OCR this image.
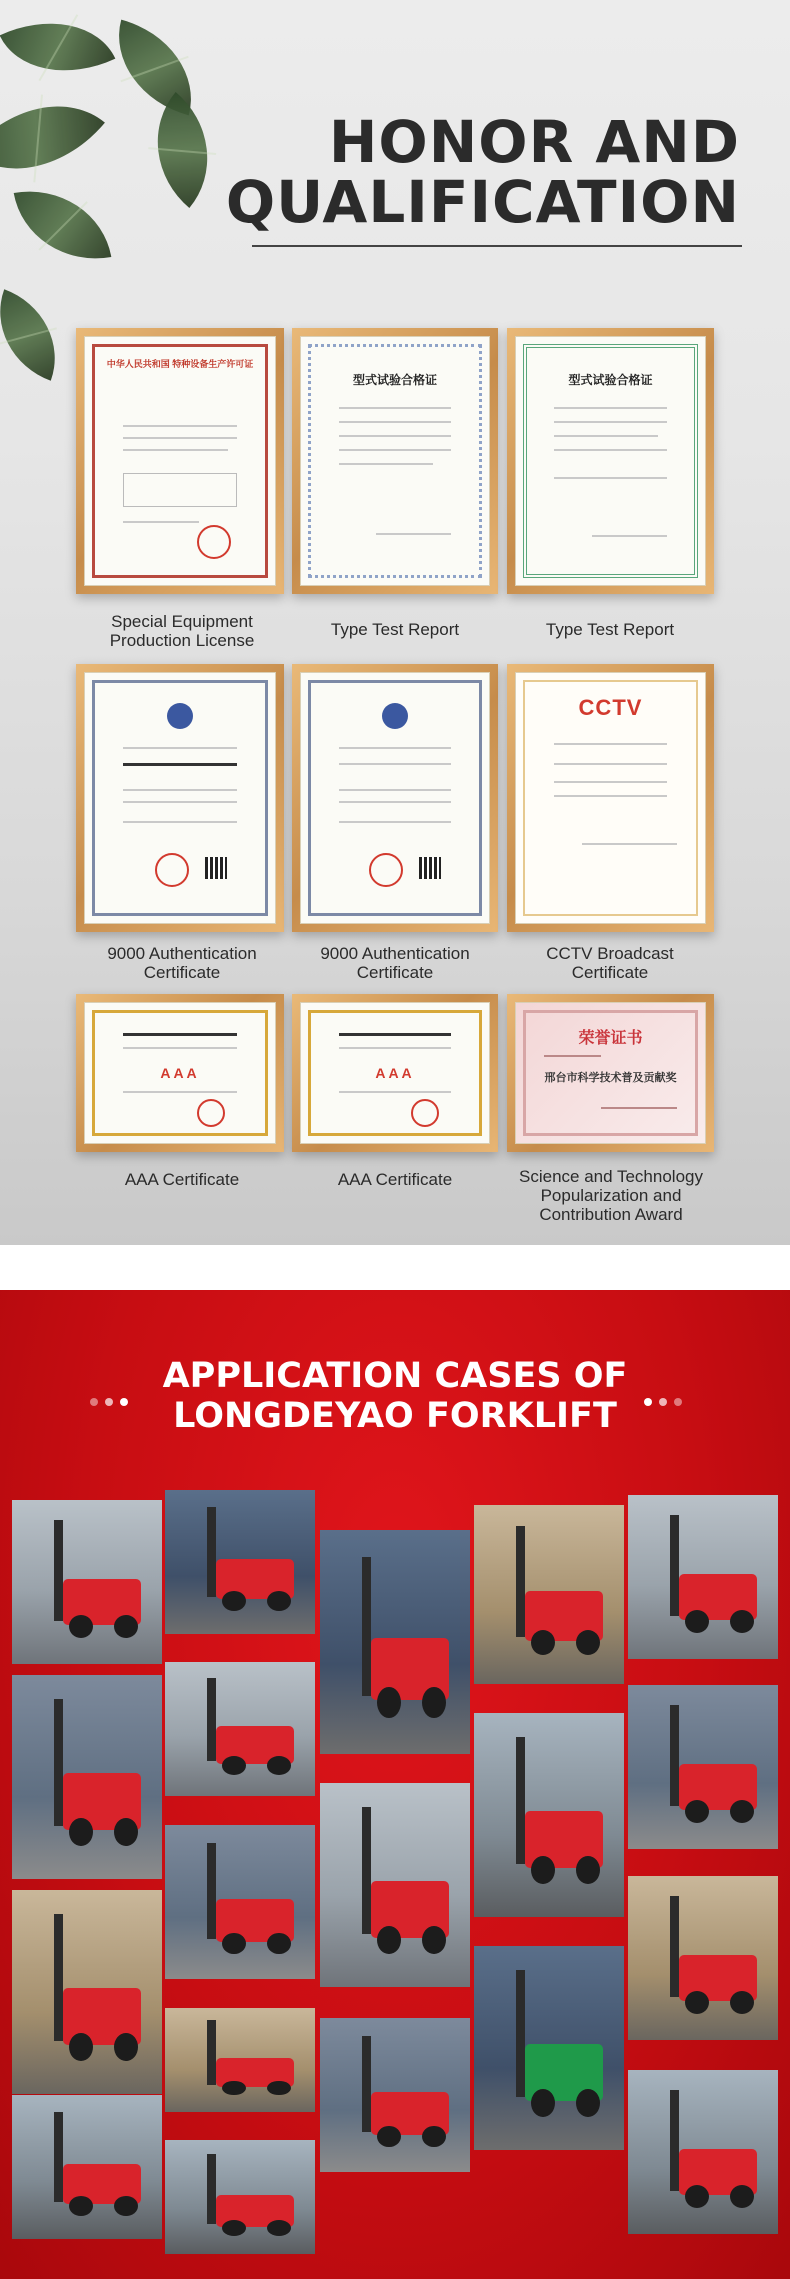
HONOR AND
QUALIFICATION
中华人民共和国 特种设备生产许可证
型式试验合格证	型式试验合格证
Special Equipment
Production License
Type Test Report	Type Test Report
CCTV
9000 Authentication
Certificate
9000 Authentication
Certificate
CCTV Broadcast
Certificate
AAA	AAA
荣誉证书
邢台市科学技术普及贡献奖
AAA Certificate	AAA Certificate	Science and Technology
Popularization and
Contribution Award
APPLICATION CASES OF
LONGDEYAO FORKLIFT
